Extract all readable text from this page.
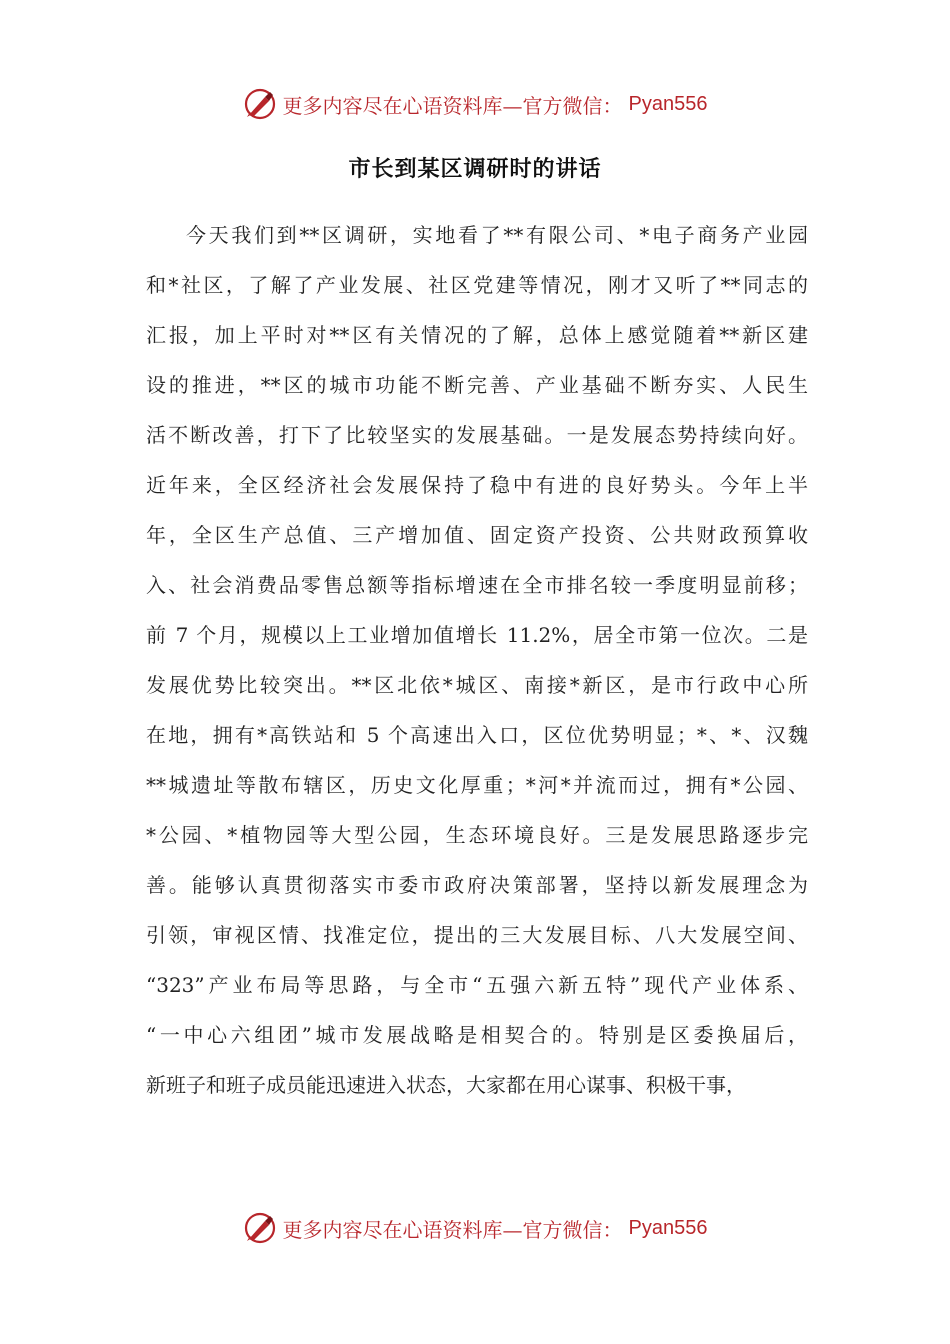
更多内容尽在心语资料库—官方微信： Pyan556
市长到某区调研时的讲话
今天我们到**区调研，实地看了**有限公司、*电子商务产业园
和*社区，了解了产业发展、社区党建等情况，刚才又听了**同志的
汇报，加上平时对**区有关情况的了解，总体上感觉随着**新区建
设的推进，**区的城市功能不断完善、产业基础不断夯实、人民生
活不断改善，打下了比较坚实的发展基础。一是发展态势持续向好。
近年来，全区经济社会发展保持了稳中有进的良好势头。今年上半
年，全区生产总值、三产增加值、固定资产投资、公共财政预算收
入、社会消费品零售总额等指标增速在全市排名较一季度明显前移；
前 7 个月，规模以上工业增加值增长 11.2%，居全市第一位次。二是
发展优势比较突出。**区北依*城区、南接*新区，是市行政中心所
在地，拥有*高铁站和 5 个高速出入口，区位优势明显；*、*、汉魏
**城遗址等散布辖区，历史文化厚重；*河*并流而过，拥有*公园、
*公园、*植物园等大型公园，生态环境良好。三是发展思路逐步完
善。能够认真贯彻落实市委市政府决策部署，坚持以新发展理念为
引领，审视区情、找准定位，提出的三大发展目标、八大发展空间、
“323”产业布局等思路，与全市“五强六新五特”现代产业体系、
“一中心六组团”城市发展战略是相契合的。特别是区委换届后，
新班子和班子成员能迅速进入状态，大家都在用心谋事、积极干事，
更多内容尽在心语资料库—官方微信： Pyan556
